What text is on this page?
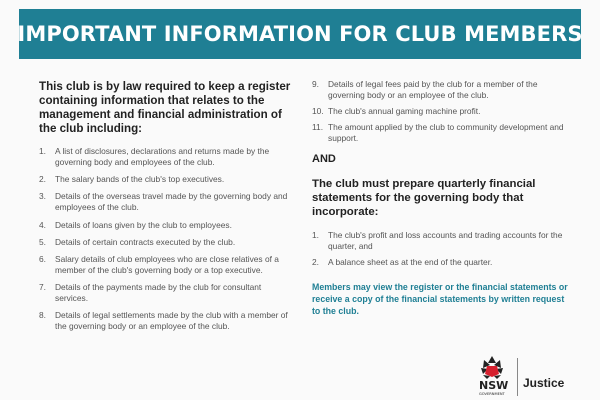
IMPORTANT INFORMATION FOR CLUB MEMBERS

This club is by law required to keep a register containing information that relates to the management and financial administration of the club including:

1.	A list of disclosures, declarations and returns made by the governing body and employees of the club.
2.	The salary bands of the club's top executives.
3.	Details of the overseas travel made by the governing body and employees of the club.
4.	Details of loans given by the club to employees.
5.	Details of certain contracts executed by the club.
6.	Salary details of club employees who are close relatives of a member of the club's governing body or a top executive.
7.	Details of the payments made by the club for consultant services.
8.	Details of legal settlements made by the club with a member of the governing body or an employee of the club.
9.	Details of legal fees paid by the club for a member of the governing body or an employee of the club.
10. The club's annual gaming machine profit.
11. The amount applied by the club to community development and support.
AND

The club must prepare quarterly financial statements for the governing body that incorporate:

1.	The club's profit and loss accounts and trading accounts for the quarter, and
2.	A balance sheet as at the end of the quarter.

Members may view the register or the financial statements or receive a copy of the financial statements by written request to the club.

NSW
GOVERNMENT
Justice
